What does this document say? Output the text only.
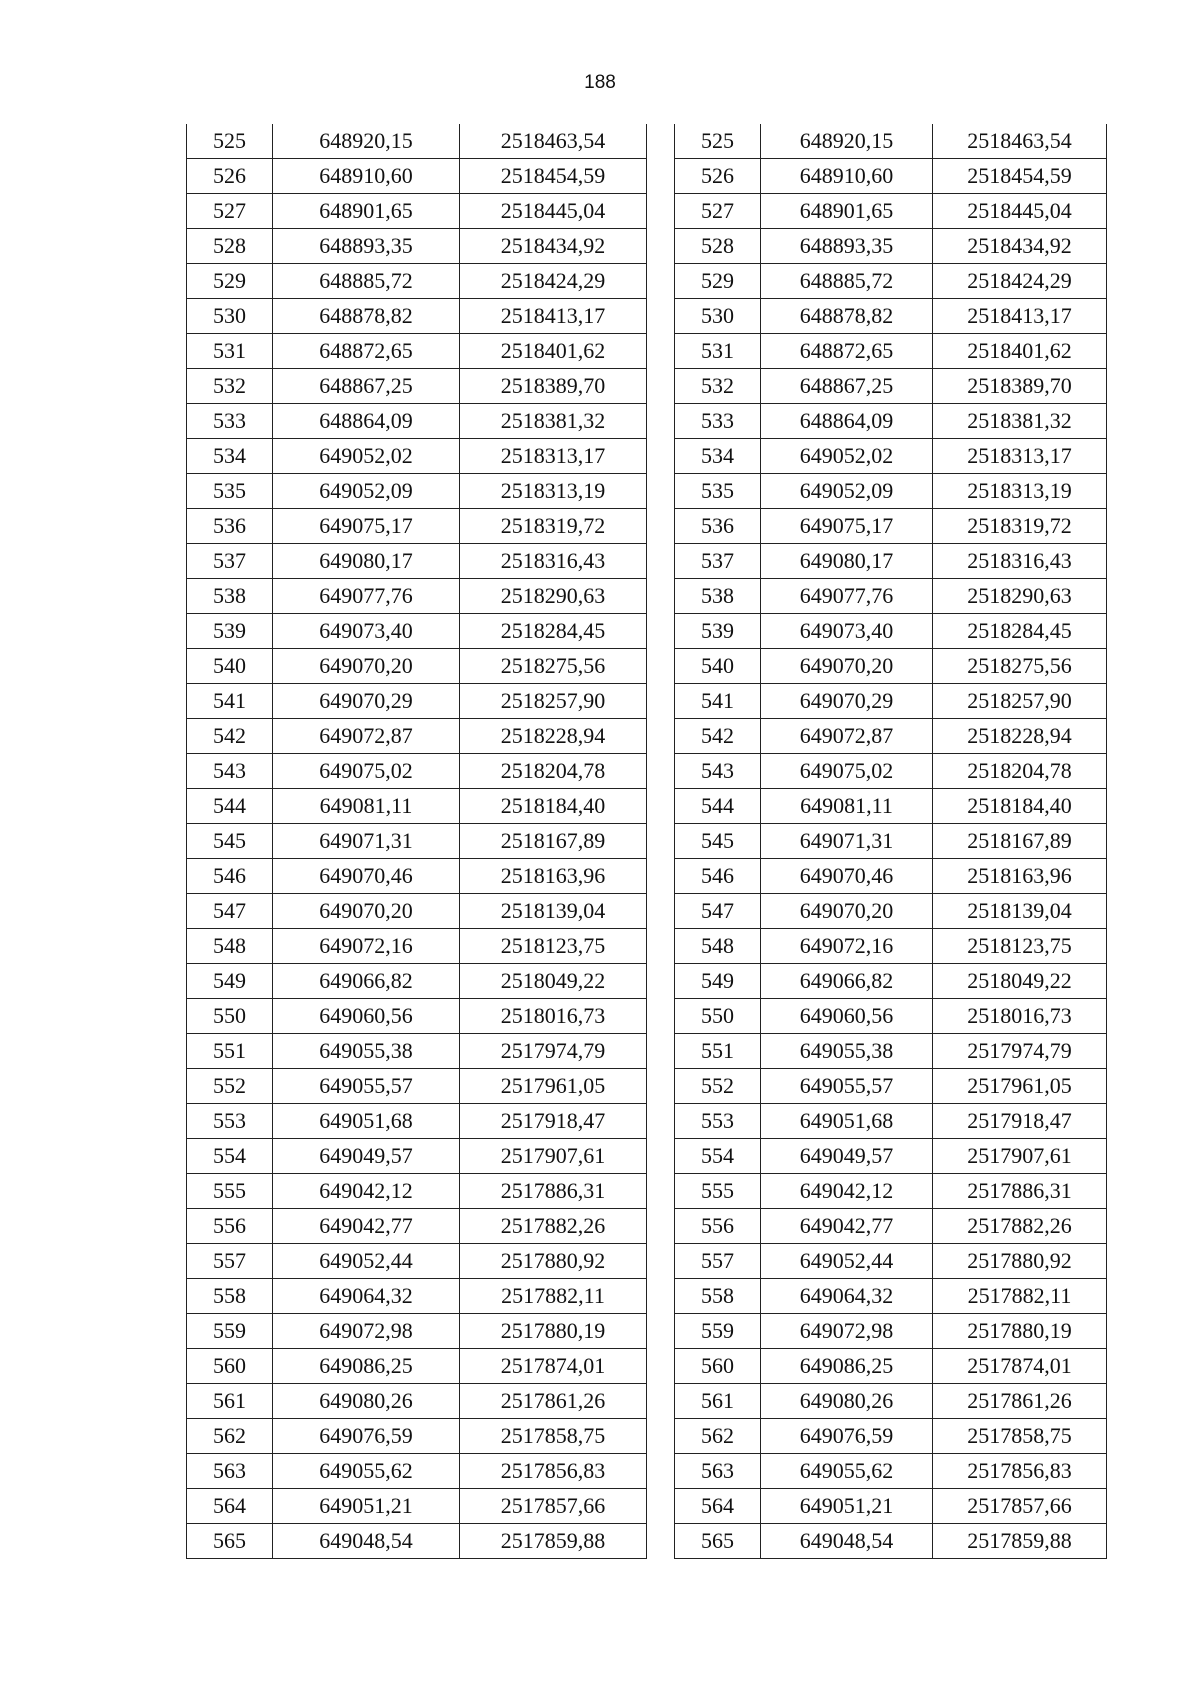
188
525	648920,15	2518463,54
526	648910,60	2518454,59
527	648901,65	2518445,04
528	648893,35	2518434,92
529	648885,72	2518424,29
530	648878,82	2518413,17
531	648872,65	2518401,62
532	648867,25	2518389,70
533	648864,09	2518381,32
534	649052,02	2518313,17
535	649052,09	2518313,19
536	649075,17	2518319,72
537	649080,17	2518316,43
538	649077,76	2518290,63
539	649073,40	2518284,45
540	649070,20	2518275,56
541	649070,29	2518257,90
542	649072,87	2518228,94
543	649075,02	2518204,78
544	649081,11	2518184,40
545	649071,31	2518167,89
546	649070,46	2518163,96
547	649070,20	2518139,04
548	649072,16	2518123,75
549	649066,82	2518049,22
550	649060,56	2518016,73
551	649055,38	2517974,79
552	649055,57	2517961,05
553	649051,68	2517918,47
554	649049,57	2517907,61
555	649042,12	2517886,31
556	649042,77	2517882,26
557	649052,44	2517880,92
558	649064,32	2517882,11
559	649072,98	2517880,19
560	649086,25	2517874,01
561	649080,26	2517861,26
562	649076,59	2517858,75
563	649055,62	2517856,83
564	649051,21	2517857,66
565	649048,54	2517859,88
525	648920,15	2518463,54
526	648910,60	2518454,59
527	648901,65	2518445,04
528	648893,35	2518434,92
529	648885,72	2518424,29
530	648878,82	2518413,17
531	648872,65	2518401,62
532	648867,25	2518389,70
533	648864,09	2518381,32
534	649052,02	2518313,17
535	649052,09	2518313,19
536	649075,17	2518319,72
537	649080,17	2518316,43
538	649077,76	2518290,63
539	649073,40	2518284,45
540	649070,20	2518275,56
541	649070,29	2518257,90
542	649072,87	2518228,94
543	649075,02	2518204,78
544	649081,11	2518184,40
545	649071,31	2518167,89
546	649070,46	2518163,96
547	649070,20	2518139,04
548	649072,16	2518123,75
549	649066,82	2518049,22
550	649060,56	2518016,73
551	649055,38	2517974,79
552	649055,57	2517961,05
553	649051,68	2517918,47
554	649049,57	2517907,61
555	649042,12	2517886,31
556	649042,77	2517882,26
557	649052,44	2517880,92
558	649064,32	2517882,11
559	649072,98	2517880,19
560	649086,25	2517874,01
561	649080,26	2517861,26
562	649076,59	2517858,75
563	649055,62	2517856,83
564	649051,21	2517857,66
565	649048,54	2517859,88
